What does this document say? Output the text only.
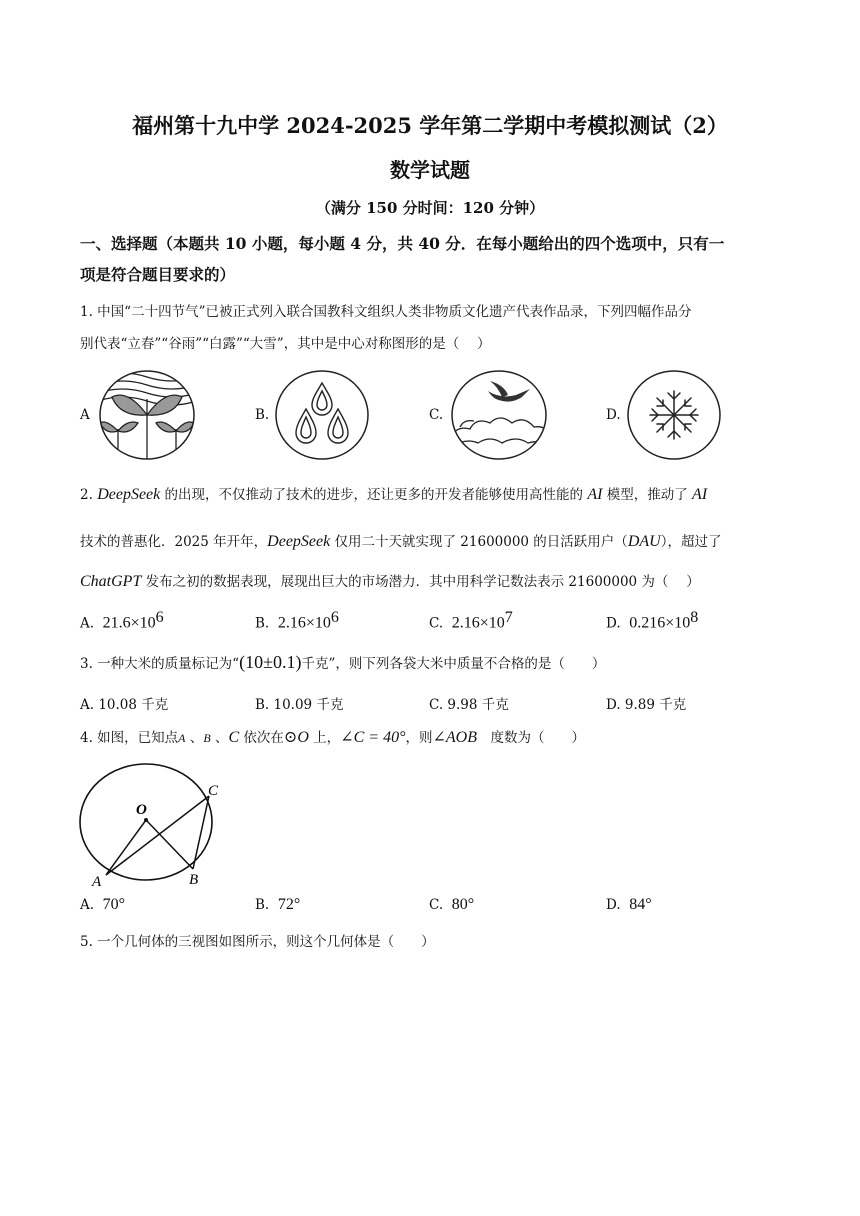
福州第十九中学 2024-2025 学年第二学期中考模拟测试（2）
数学试题
（满分 150 分时间：120 分钟）
一、选择题（本题共 10 小题，每小题 4 分，共 40 分．在每小题给出的四个选项中，只有一
项是符合题目要求的）
1. 中国“二十四节气”已被正式列入联合国教科文组织人类非物质文化遗产代表作品录，下列四幅作品分
别代表“立春”“谷雨”“白露”“大雪”，其中是中心对称图形的是（　 ）
A	B.	C.	D.
2. DeepSeek 的出现，不仅推动了技术的进步，还让更多的开发者能够使用高性能的 AI 模型，推动了 AI
技术的普惠化．2025 年开年，DeepSeek 仅用二十天就实现了 21600000 的日活跃用户（DAU），超过了
ChatGPT 发布之初的数据表现，展现出巨大的市场潜力．其中用科学记数法表示 21600000 为（　 ）
A. $21.6\times 10^6$	B. $2.16\times 10^6$	C. $2.16\times 10^7$	D. $0.216\times 10^8$
3. 一种大米的质量标记为“(10±0.1)千克”，则下列各袋大米中质量不合格的是（　　）
A. 10.08 千克	B. 10.09 千克	C. 9.98 千克	D. 9.89 千克
4. 如图，已知点A 、B 、C 依次在⊙O 上，∠C = 40°，则∠AOB　度数为（　　）
O
A	B
C
A. 70°	B. 72°	C. 80°	D. 84°
5. 一个几何体的三视图如图所示，则这个几何体是（　　）
